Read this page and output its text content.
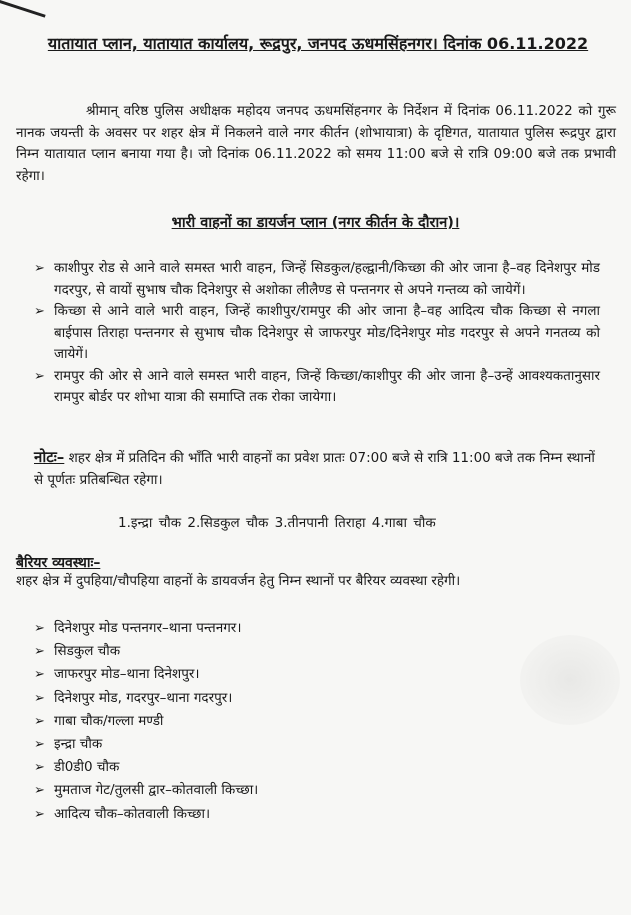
यातायात प्लान, यातायात कार्यालय, रूद्रपुर, जनपद ऊधमसिंहनगर। दिनांक 06.11.2022
श्रीमान् वरिष्ठ पुलिस अधीक्षक महोदय जनपद ऊधमसिंहनगर के निर्देशन में दिनांक 06.11.2022 को गुरू नानक जयन्ती के अवसर पर शहर क्षेत्र में निकलने वाले नगर कीर्तन (शोभायात्रा) के दृष्टिगत, यातायात पुलिस रूद्रपुर द्वारा निम्न यातायात प्लान बनाया गया है। जो दिनांक 06.11.2022 को समय 11:00 बजे से रात्रि 09:00 बजे तक प्रभावी रहेगा।
भारी वाहनों का डायर्जन प्लान (नगर कीर्तन के दौरान)।
➢ काशीपुर रोड से आने वाले समस्त भारी वाहन, जिन्हें सिडकुल/हल्द्वानी/किच्छा की ओर जाना है–वह दिनेशपुर मोड गदरपुर, से वायों सुभाष चौक दिनेशपुर से अशोका लीलैण्ड से पन्तनगर से अपने गन्तव्य को जायेगें।
➢ किच्छा से आने वाले भारी वाहन, जिन्हें काशीपुर/रामपुर की ओर जाना है–वह आदित्य चौक किच्छा से नगला बाईपास तिराहा पन्तनगर से सुभाष चौक दिनेशपुर से जाफरपुर मोड/दिनेशपुर मोड गदरपुर से अपने गनतव्य को जायेगें।
➢ रामपुर की ओर से आने वाले समस्त भारी वाहन, जिन्हें किच्छा/काशीपुर की ओर जाना है–उन्हें आवश्यकतानुसार रामपुर बोर्डर पर शोभा यात्रा की समाप्ति तक रोका जायेगा।
नोटः– शहर क्षेत्र में प्रतिदिन की भाँति भारी वाहनों का प्रवेश प्रातः 07:00 बजे से रात्रि 11:00 बजे तक निम्न स्थानों से पूर्णतः प्रतिबन्धित रहेगा।
1.इन्द्रा चौक 2.सिडकुल चौक 3.तीनपानी तिराहा 4.गाबा चौक
बैरियर व्यवस्थाः–
शहर क्षेत्र में दुपहिया/चौपहिया वाहनों के डायवर्जन हेतु निम्न स्थानों पर बैरियर व्यवस्था रहेगी।
➢ दिनेशपुर मोड पन्तनगर–थाना पन्तनगर।
➢ सिडकुल चौक
➢ जाफरपुर मोड–थाना दिनेशपुर।
➢ दिनेशपुर मोड, गदरपुर–थाना गदरपुर।
➢ गाबा चौक/गल्ला मण्डी
➢ इन्द्रा चौक
➢ डी0डी0 चौक
➢ मुमताज गेट/तुलसी द्वार–कोतवाली किच्छा।
➢ आदित्य चौक–कोतवाली किच्छा।
